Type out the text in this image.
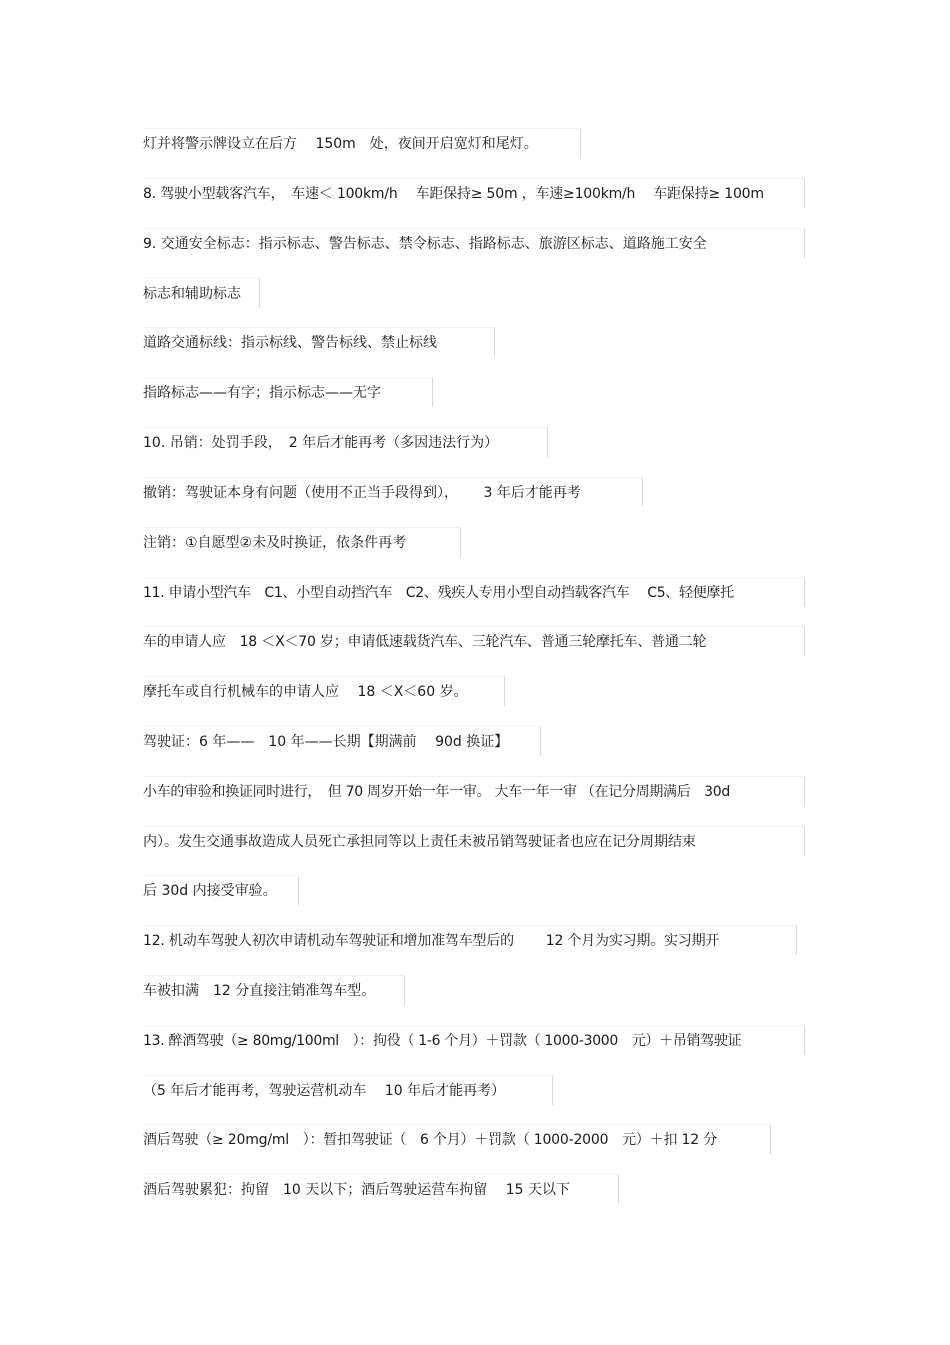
灯并将警示牌设立在后方　 150m　处，夜间开启宽灯和尾灯。
8. 驾驶小型载客汽车，　车速＜ 100km/h　 车距保持≥ 50m ，车速≥100km/h　 车距保持≥ 100m
9. 交通安全标志：指示标志、警告标志、禁令标志、指路标志、旅游区标志、道路施工安全
标志和辅助标志
道路交通标线：指示标线、警告标线、禁止标线
指路标志——有字；指示标志——无字
10. 吊销：处罚手段，　2 年后才能再考（多因违法行为）
撤销：驾驶证本身有问题（使用不正当手段得到），　　 3 年后才能再考
注销：①自愿型②未及时换证，依条件再考
11. 申请小型汽车　C1、小型自动挡汽车　C2、残疾人专用小型自动挡载客汽车　 C5、轻便摩托
车的申请人应　18 ＜X＜70 岁；申请低速载货汽车、三轮汽车、普通三轮摩托车、普通二轮
摩托车或自行机械车的申请人应　 18 ＜X＜60 岁。
驾驶证：6 年——　10 年——长期【期满前　 90d 换证】
小车的审验和换证同时进行，　但 70 周岁开始一年一审。 大车一年一审 （在记分周期满后　30d
内）。发生交通事故造成人员死亡承担同等以上责任未被吊销驾驶证者也应在记分周期结束
后 30d 内接受审验。
12. 机动车驾驶人初次申请机动车驾驶证和增加准驾车型后的　　 12 个月为实习期。实习期开
车被扣满　12 分直接注销准驾车型。
13. 醉酒驾驶（≥ 80mg/100ml　）：拘役（ 1-6 个月）＋罚款（ 1000-3000　元）＋吊销驾驶证
（5 年后才能再考，驾驶运营机动车　 10 年后才能再考）
酒后驾驶（≥ 20mg/ml　）：暂扣驾驶证（　6 个月）＋罚款（ 1000-2000　元）＋扣 12 分
酒后驾驶累犯：拘留　10 天以下；酒后驾驶运营车拘留　 15 天以下
